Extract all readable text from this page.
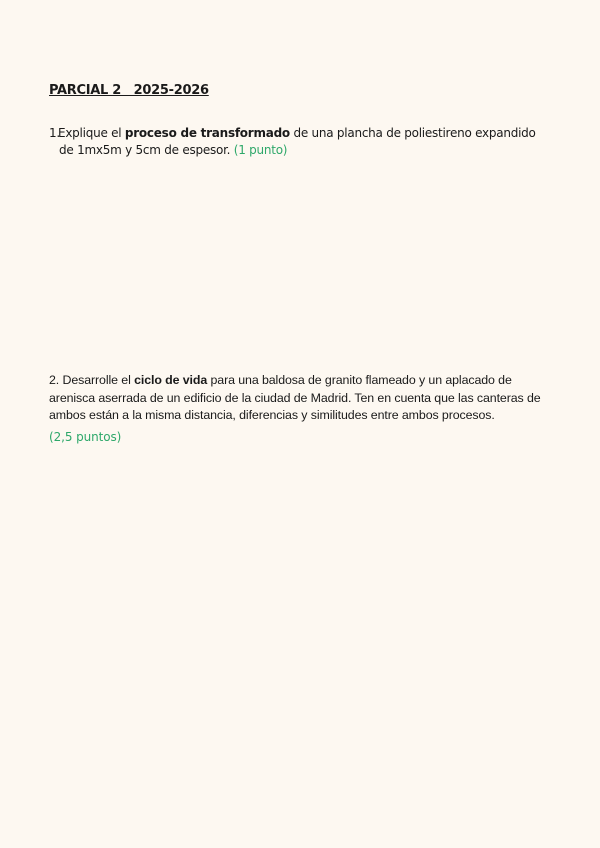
PARCIAL 2   2025-2026

1.Explique el proceso de transformado de una plancha de poliestireno expandido
de 1mx5m y 5cm de espesor. (1 punto)

2. Desarrolle el ciclo de vida para una baldosa de granito flameado y un aplacado de arenisca aserrada de un edificio de la ciudad de Madrid. Ten en cuenta que las canteras de ambos están a la misma distancia, diferencias y similitudes entre ambos procesos.
(2,5 puntos)
